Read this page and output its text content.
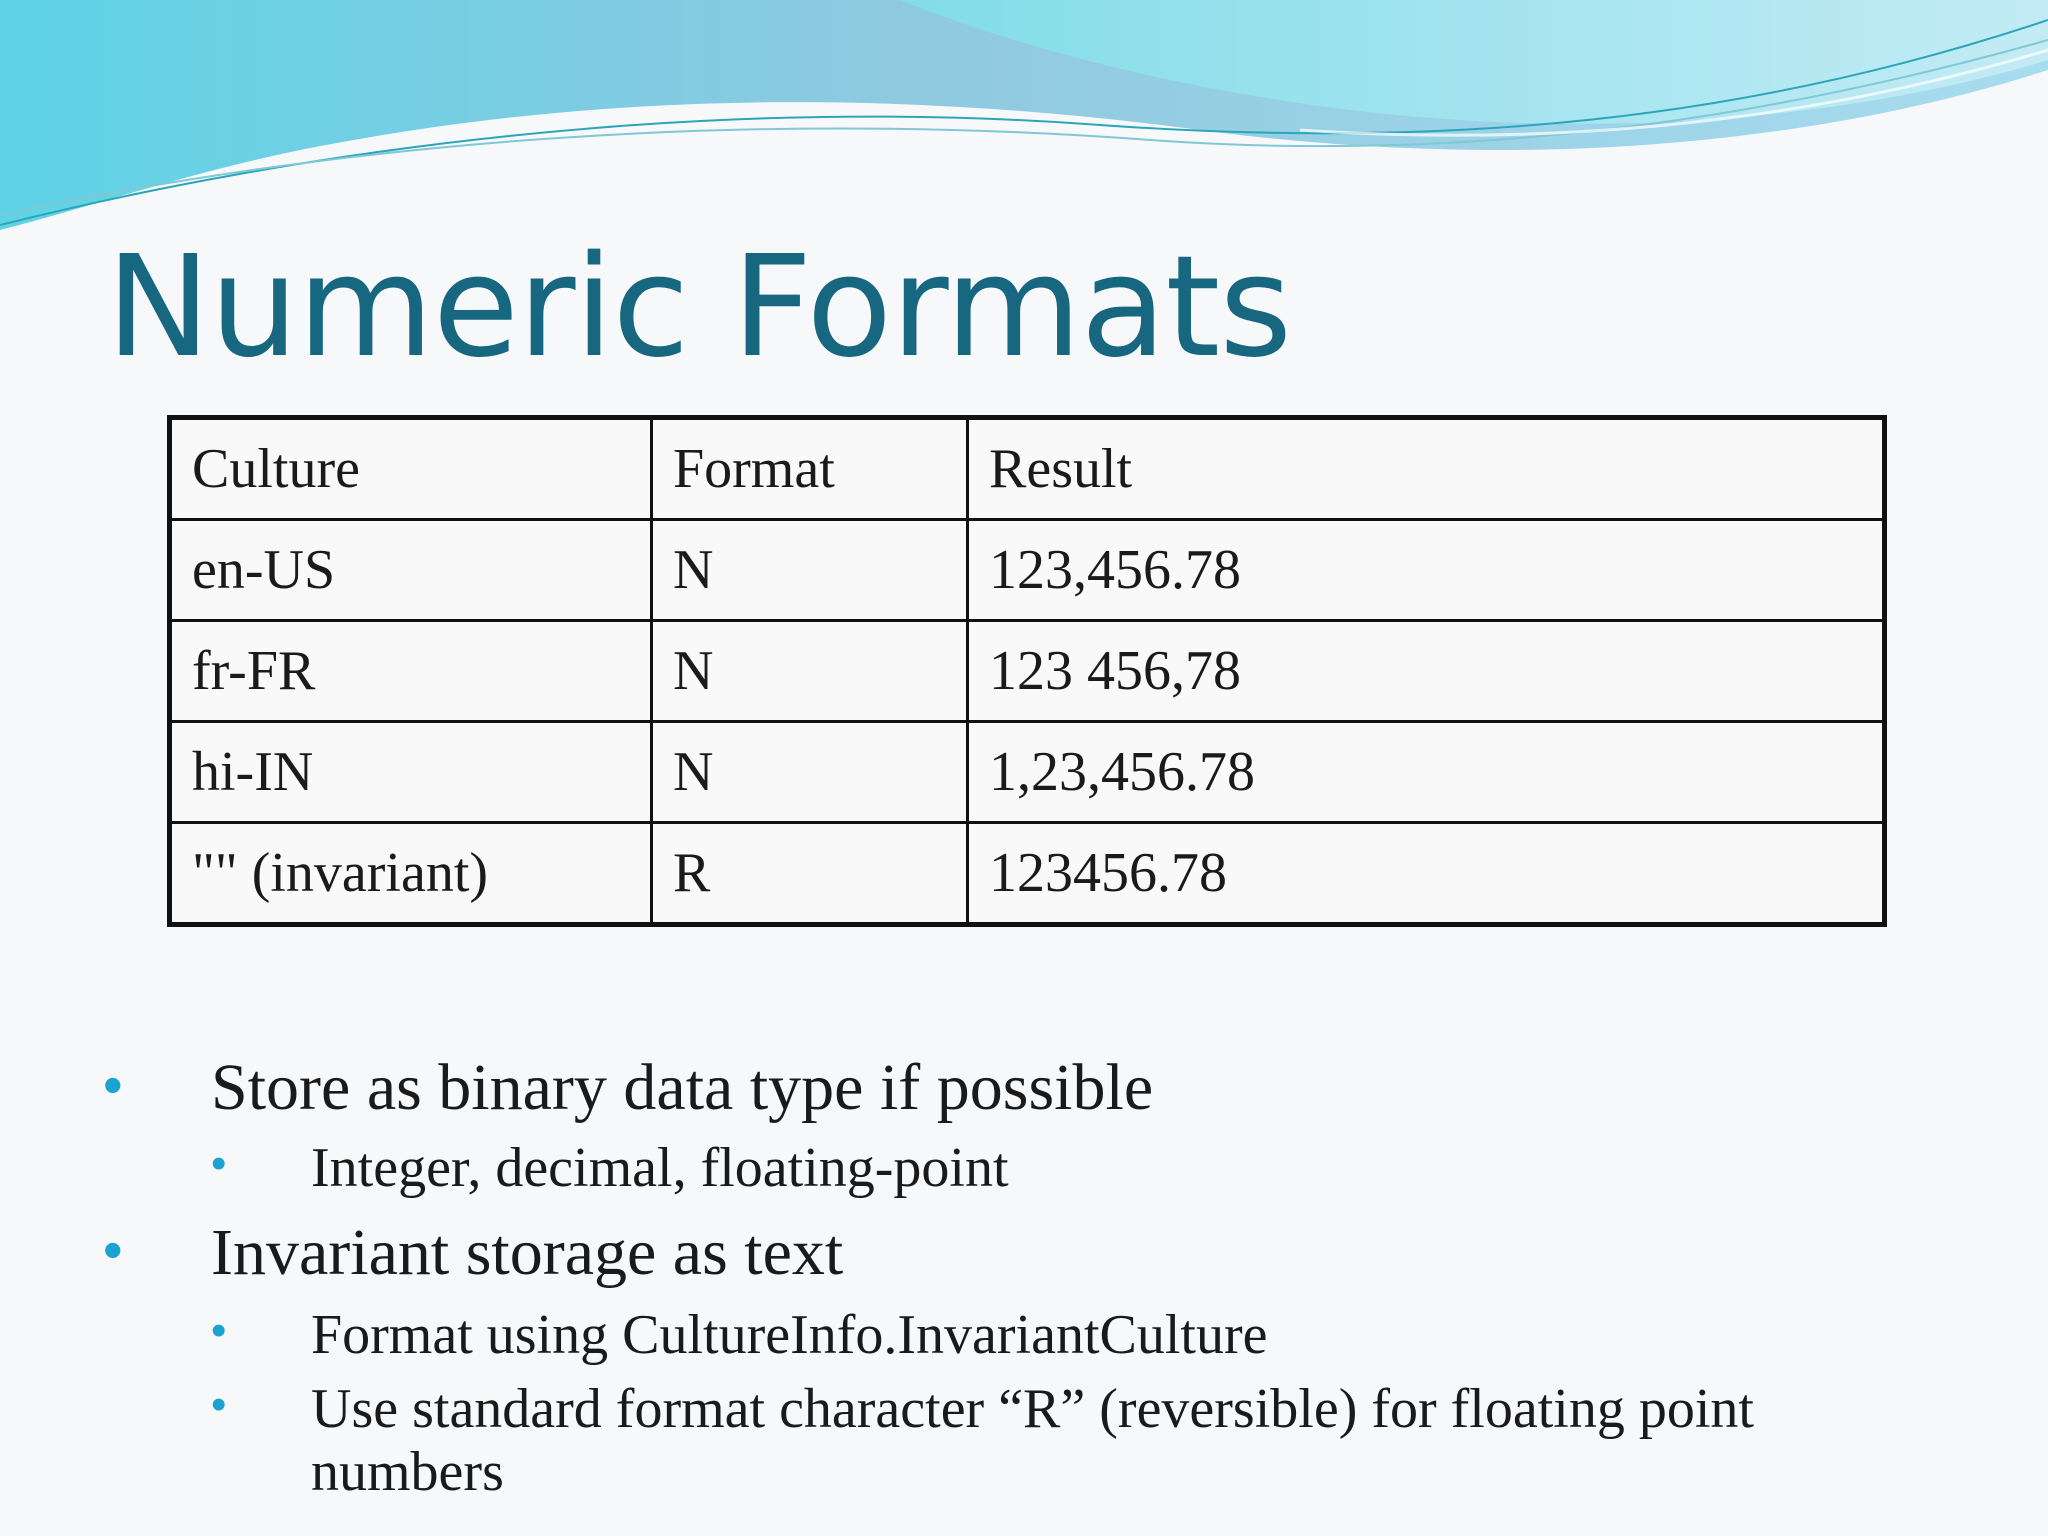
Numeric Formats
Culture	Format	Result
en-US	N	123,456.78
fr-FR	N	123 456,78
hi-IN	N	1,23,456.78
"" (invariant)	R	123456.78
• Store as binary data type if possible
• Integer, decimal, floating-point
• Invariant storage as text
• Format using CultureInfo.InvariantCulture
• Use standard format character “R” (reversible) for floating point numbers
